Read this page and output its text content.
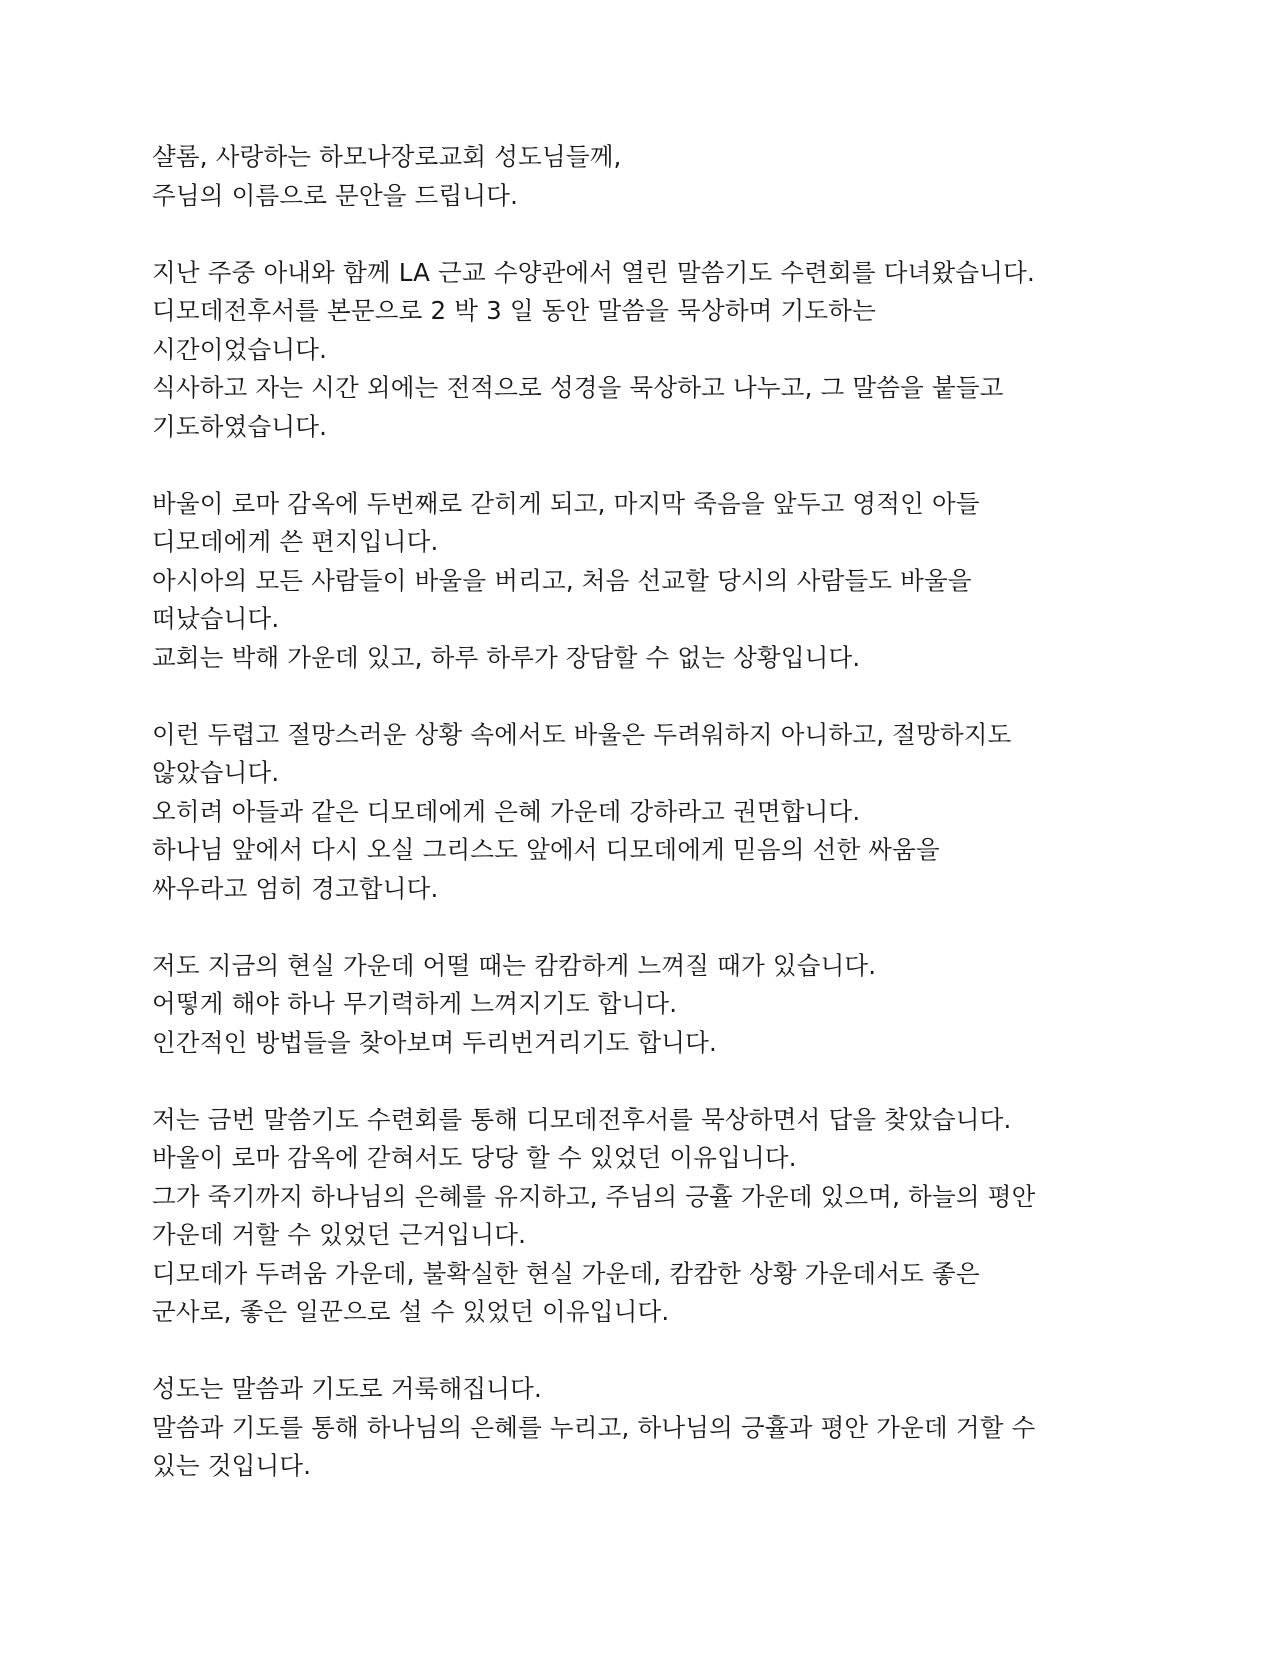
샬롬, 사랑하는 하모나장로교회 성도님들께,
주님의 이름으로 문안을 드립니다.
지난 주중 아내와 함께 LA 근교 수양관에서 열린 말씀기도 수련회를 다녀왔습니다.
디모데전후서를 본문으로 2 박 3 일 동안 말씀을 묵상하며 기도하는
시간이었습니다.
식사하고 자는 시간 외에는 전적으로 성경을 묵상하고 나누고, 그 말씀을 붙들고
기도하였습니다.
바울이 로마 감옥에 두번째로 갇히게 되고, 마지막 죽음을 앞두고 영적인 아들
디모데에게 쓴 편지입니다.
아시아의 모든 사람들이 바울을 버리고, 처음 선교할 당시의 사람들도 바울을
떠났습니다.
교회는 박해 가운데 있고, 하루 하루가 장담할 수 없는 상황입니다.
이런 두렵고 절망스러운 상황 속에서도 바울은 두려워하지 아니하고, 절망하지도
않았습니다.
오히려 아들과 같은 디모데에게 은혜 가운데 강하라고 권면합니다.
하나님 앞에서 다시 오실 그리스도 앞에서 디모데에게 믿음의 선한 싸움을
싸우라고 엄히 경고합니다.
저도 지금의 현실 가운데 어떨 때는 캄캄하게 느껴질 때가 있습니다.
어떻게 해야 하나 무기력하게 느껴지기도 합니다.
인간적인 방법들을 찾아보며 두리번거리기도 합니다.
저는 금번 말씀기도 수련회를 통해 디모데전후서를 묵상하면서 답을 찾았습니다.
바울이 로마 감옥에 갇혀서도 당당 할 수 있었던 이유입니다.
그가 죽기까지 하나님의 은혜를 유지하고, 주님의 긍휼 가운데 있으며, 하늘의 평안
가운데 거할 수 있었던 근거입니다.
디모데가 두려움 가운데, 불확실한 현실 가운데, 캄캄한 상황 가운데서도 좋은
군사로, 좋은 일꾼으로 설 수 있었던 이유입니다.
성도는 말씀과 기도로 거룩해집니다.
말씀과 기도를 통해 하나님의 은혜를 누리고, 하나님의 긍휼과 평안 가운데 거할 수
있는 것입니다.
